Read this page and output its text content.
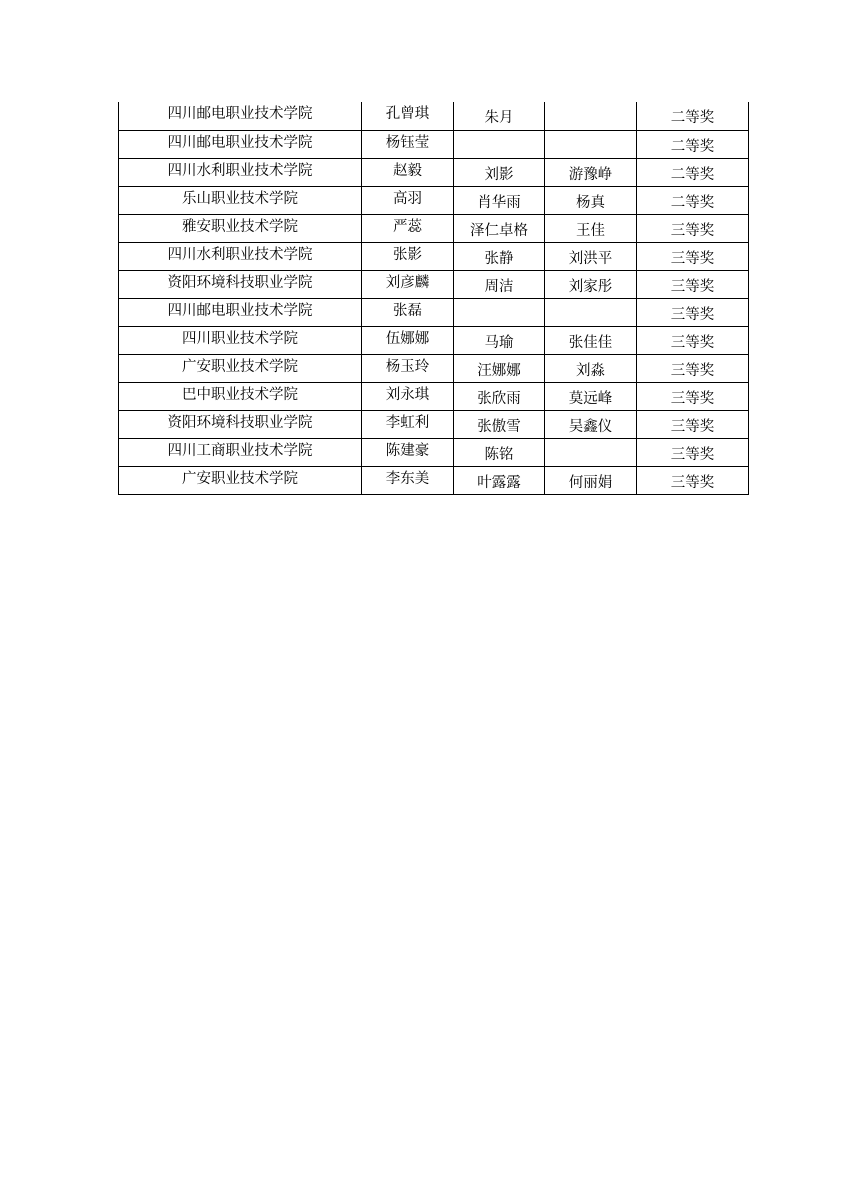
四川邮电职业技术学院	孔曾琪	朱月		二等奖
四川邮电职业技术学院	杨钰莹			二等奖
四川水利职业技术学院	赵毅	刘影	游豫峥	二等奖
乐山职业技术学院	高羽	肖华雨	杨真	二等奖
雅安职业技术学院	严蕊	泽仁卓格	王佳	三等奖
四川水利职业技术学院	张影	张静	刘洪平	三等奖
资阳环境科技职业学院	刘彦麟	周洁	刘家彤	三等奖
四川邮电职业技术学院	张磊			三等奖
四川职业技术学院	伍娜娜	马瑜	张佳佳	三等奖
广安职业技术学院	杨玉玲	汪娜娜	刘淼	三等奖
巴中职业技术学院	刘永琪	张欣雨	莫远峰	三等奖
资阳环境科技职业学院	李虹利	张傲雪	吴鑫仪	三等奖
四川工商职业技术学院	陈建豪	陈铭		三等奖
广安职业技术学院	李东美	叶露露	何丽娟	三等奖
